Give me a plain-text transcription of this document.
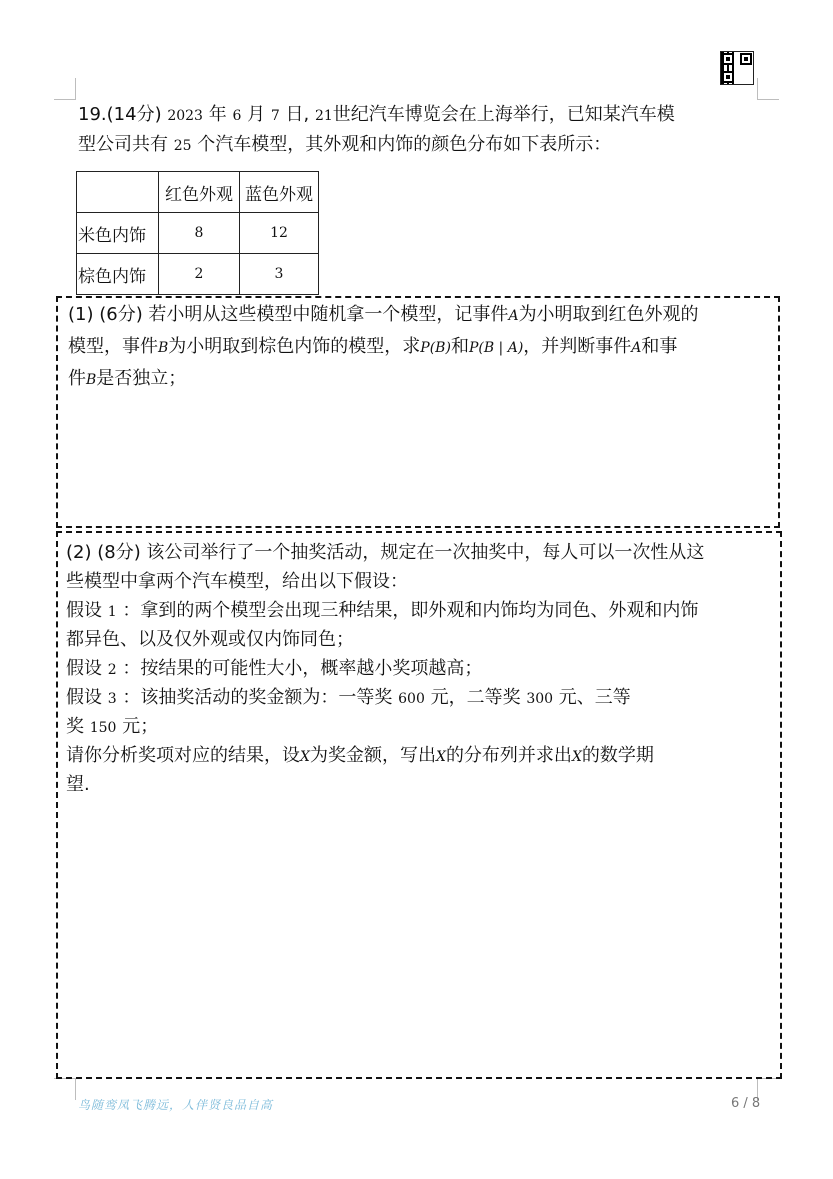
19.(14分) 2023 年 6 月 7 日, 21世纪汽车博览会在上海举行，已知某汽车模
型公司共有 25 个汽车模型，其外观和内饰的颜色分布如下表所示：
	红色外观	蓝色外观
米色内饰	8	12
棕色内饰	2	3
(1) (6分) 若小明从这些模型中随机拿一个模型，记事件A为小明取到红色外观的
模型，事件B为小明取到棕色内饰的模型，求P(B)和P(B | A)，并判断事件A和事
件B是否独立；
(2) (8分) 该公司举行了一个抽奖活动，规定在一次抽奖中，每人可以一次性从这
些模型中拿两个汽车模型，给出以下假设：
假设 1 ：拿到的两个模型会出现三种结果，即外观和内饰均为同色、外观和内饰
都异色、以及仅外观或仅内饰同色；
假设 2 ：按结果的可能性大小，概率越小奖项越高；
假设 3 ：该抽奖活动的奖金额为：一等奖 600 元，二等奖 300 元、三等
奖 150 元；
请你分析奖项对应的结果，设X为奖金额，写出X的分布列并求出X的数学期
望.
鸟随鸾凤飞腾远，人伴贤良品自高	6 / 8
